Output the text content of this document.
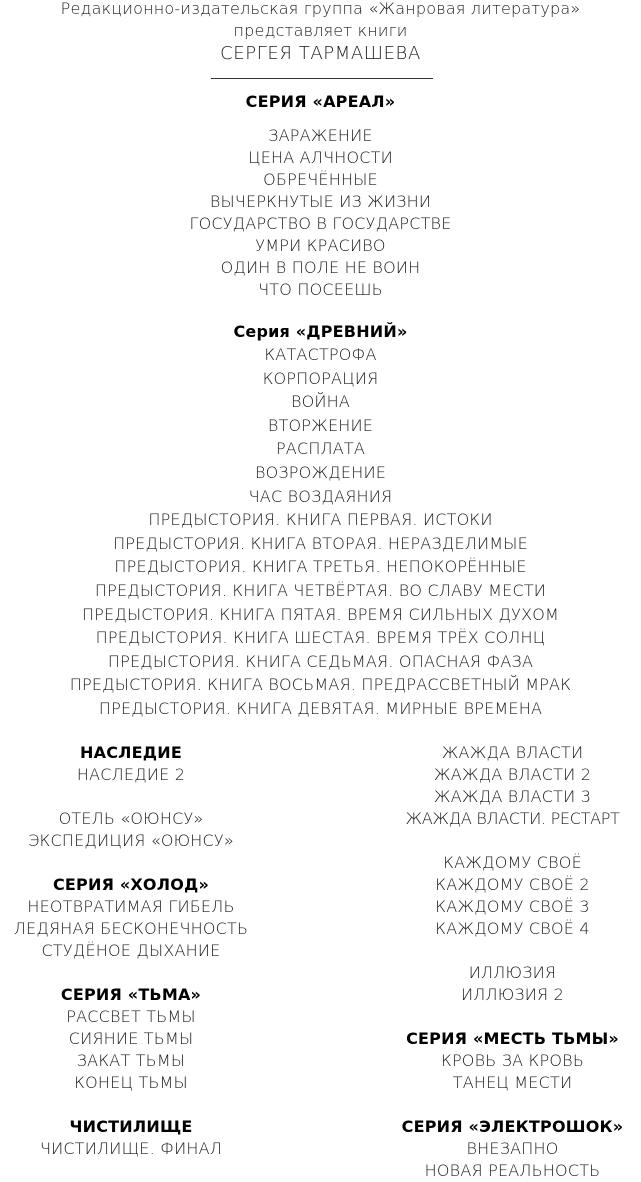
Редакционно-издательская группа «Жанровая литература»
представляет книги
СЕРГЕЯ ТАРМАШЕВА
СЕРИЯ «АРЕАЛ»
ЗАРАЖЕНИЕ
ЦЕНА АЛЧНОСТИ
ОБРЕЧЁННЫЕ
ВЫЧЕРКНУТЫЕ ИЗ ЖИЗНИ
ГОСУДАРСТВО В ГОСУДАРСТВЕ
УМРИ КРАСИВО
ОДИН В ПОЛЕ НЕ ВОИН
ЧТО ПОСЕЕШЬ
Серия «ДРЕВНИЙ»
КАТАСТРОФА
КОРПОРАЦИЯ
ВОЙНА
ВТОРЖЕНИЕ
РАСПЛАТА
ВОЗРОЖДЕНИЕ
ЧАС ВОЗДАЯНИЯ
ПРЕДЫСТОРИЯ. КНИГА ПЕРВАЯ. ИСТОКИ
ПРЕДЫСТОРИЯ. КНИГА ВТОРАЯ. НЕРАЗДЕЛИМЫЕ
ПРЕДЫСТОРИЯ. КНИГА ТРЕТЬЯ. НЕПОКОРЁННЫЕ
ПРЕДЫСТОРИЯ. КНИГА ЧЕТВЁРТАЯ. ВО СЛАВУ МЕСТИ
ПРЕДЫСТОРИЯ. КНИГА ПЯТАЯ. ВРЕМЯ СИЛЬНЫХ ДУХОМ
ПРЕДЫСТОРИЯ. КНИГА ШЕСТАЯ. ВРЕМЯ ТРЁХ СОЛНЦ
ПРЕДЫСТОРИЯ. КНИГА СЕДЬМАЯ. ОПАСНАЯ ФАЗА
ПРЕДЫСТОРИЯ. КНИГА ВОСЬМАЯ. ПРЕДРАССВЕТНЫЙ МРАК
ПРЕДЫСТОРИЯ. КНИГА ДЕВЯТАЯ. МИРНЫЕ ВРЕМЕНА
НАСЛЕДИЕ
НАСЛЕДИЕ 2
ОТЕЛЬ «ОЮНСУ»
ЭКСПЕДИЦИЯ «ОЮНСУ»
СЕРИЯ «ХОЛОД»
НЕОТВРАТИМАЯ ГИБЕЛЬ
ЛЕДЯНАЯ БЕСКОНЕЧНОСТЬ
СТУДЁНОЕ ДЫХАНИЕ
СЕРИЯ «ТЬМА»
РАССВЕТ ТЬМЫ
СИЯНИЕ ТЬМЫ
ЗАКАТ ТЬМЫ
КОНЕЦ ТЬМЫ
ЧИСТИЛИЩЕ
ЧИСТИЛИЩЕ. ФИНАЛ
ЖАЖДА ВЛАСТИ
ЖАЖДА ВЛАСТИ 2
ЖАЖДА ВЛАСТИ 3
ЖАЖДА ВЛАСТИ. РЕСТАРТ
КАЖДОМУ СВОЁ
КАЖДОМУ СВОЁ 2
КАЖДОМУ СВОЁ 3
КАЖДОМУ СВОЁ 4
ИЛЛЮЗИЯ
ИЛЛЮЗИЯ 2
СЕРИЯ «МЕСТЬ ТЬМЫ»
КРОВЬ ЗА КРОВЬ
ТАНЕЦ МЕСТИ
СЕРИЯ «ЭЛЕКТРОШОК»
ВНЕЗАПНО
НОВАЯ РЕАЛЬНОСТЬ
